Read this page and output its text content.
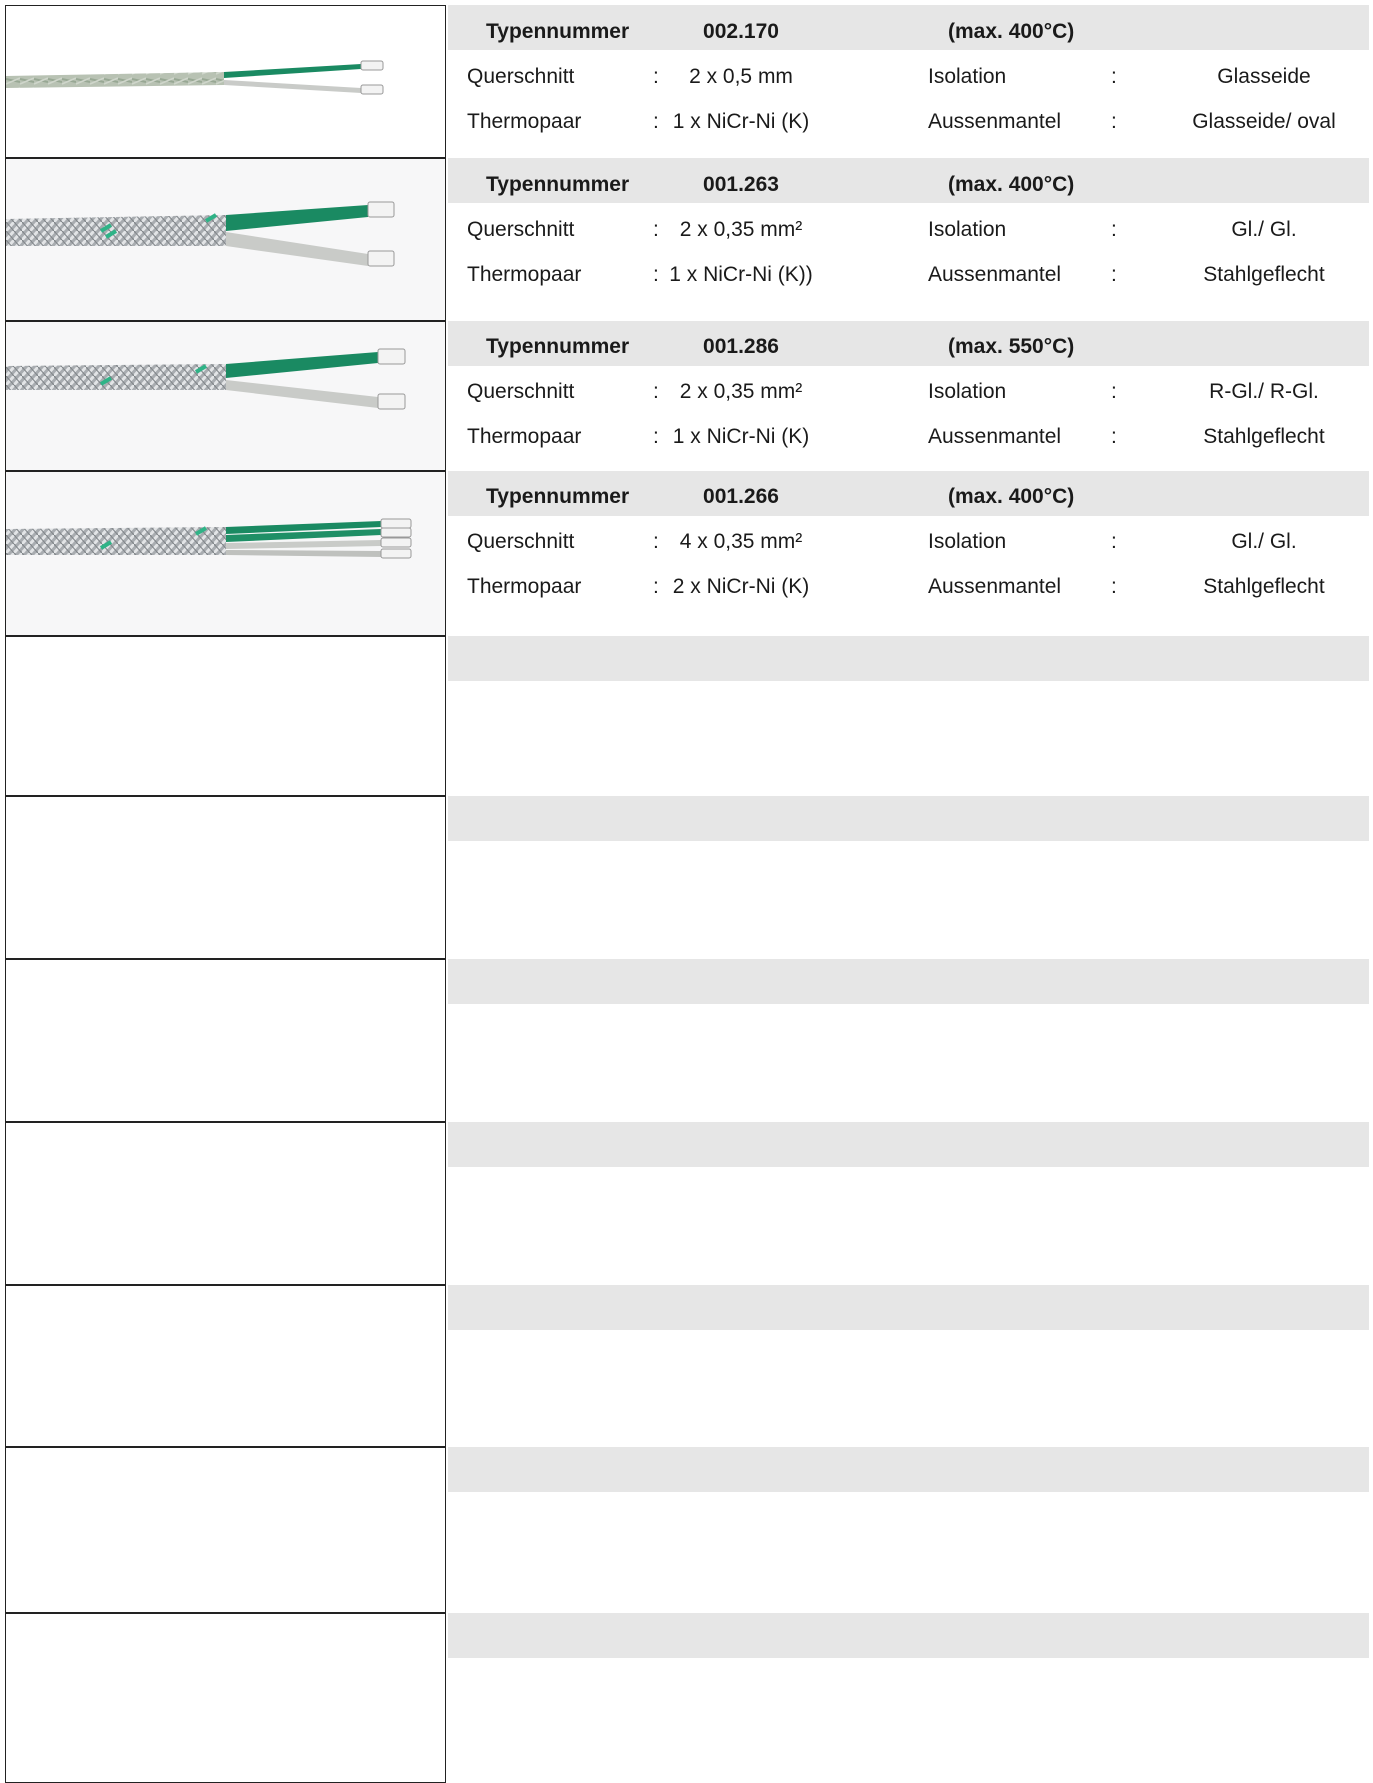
Typennummer	002.170	(max. 400°C)
Querschnitt	:	2 x 0,5 mm	Isolation	:	Glasseide
Thermopaar	: 1 x NiCr-Ni (K)	Aussenmantel :	Glasseide/ oval
Typennummer	001.263	(max. 400°C)
Querschnitt	: 2 x 0,35 mm²	Isolation	:	Gl./ Gl.
Thermopaar	: 1 x NiCr-Ni (K))	Aussenmantel :	Stahlgeflecht
Typennummer	001.286	(max. 550°C)
Querschnitt	: 2 x 0,35 mm²	Isolation	:	R-Gl./ R-Gl.
Thermopaar	: 1 x NiCr-Ni (K)	Aussenmantel :	Stahlgeflecht
Typennummer	001.266	(max. 400°C)
Querschnitt	: 4 x 0,35 mm²	Isolation	:	Gl./ Gl.
Thermopaar	: 2 x NiCr-Ni (K)	Aussenmantel :	Stahlgeflecht
